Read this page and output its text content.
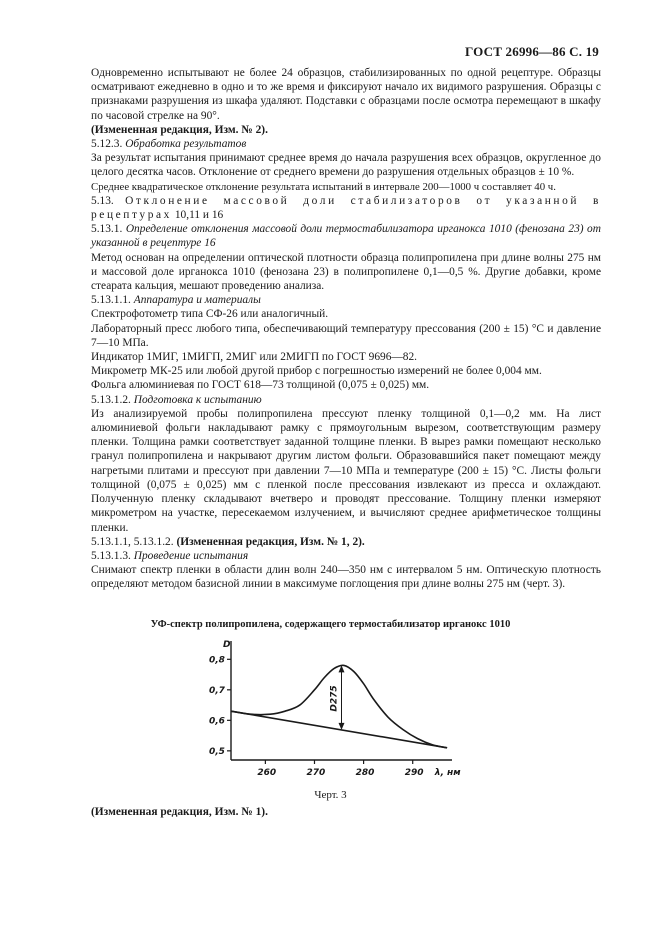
ГОСТ 26996—86 С. 19

Одновременно испытывают не более 24 образцов, стабилизированных по одной рецептуре. Образцы осматривают ежедневно в одно и то же время и фиксируют начало их видимого разрушения. Образцы с признаками разрушения из шкафа удаляют. Подставки с образцами после осмотра перемещают в шкафу по часовой стрелке на 90°.

(Измененная редакция, Изм. № 2).

5.12.3. Обработка результатов

За результат испытания принимают среднее время до начала разрушения всех образцов, округленное до целого десятка часов. Отклонение от среднего времени до разрушения отдельных образцов ± 10 %.

Среднее квадратическое отклонение результата испытаний в интервале 200—1000 ч составляет 40 ч.

5.13. Отклонение массовой доли стабилизаторов от указанной в рецептурах 10,11 и 16

5.13.1. Определение отклонения массовой доли термостабилизатора ирганокса 1010 (фенозана 23) от указанной в рецептуре 16

Метод основан на определении оптической плотности образца полипропилена при длине волны 275 нм и массовой доле ирганокса 1010 (фенозана 23) в полипропилене 0,1—0,5 %. Другие добавки, кроме стеарата кальция, мешают проведению анализа.

5.13.1.1. Аппаратура и материалы

Спектрофотометр типа СФ-26 или аналогичный.

Лабораторный пресс любого типа, обеспечивающий температуру прессования (200 ± 15) °С и давление 7—10 МПа.

Индикатор 1МИГ, 1МИГП, 2МИГ или 2МИГП по ГОСТ 9696—82.

Микрометр МК-25 или любой другой прибор с погрешностью измерений не более 0,004 мм.

Фольга алюминиевая по ГОСТ 618—73 толщиной (0,075 ± 0,025) мм.

5.13.1.2. Подготовка к испытанию

Из анализируемой пробы полипропилена прессуют пленку толщиной 0,1—0,2 мм. На лист алюминиевой фольги накладывают рамку с прямоугольным вырезом, соответствующим размеру пленки. Толщина рамки соответствует заданной толщине пленки. В вырез рамки помещают несколько гранул полипропилена и накрывают другим листом фольги. Образовавшийся пакет помещают между нагретыми плитами и прессуют при давлении 7—10 МПа и температуре (200 ± 15) °С. Листы фольги толщиной (0,075 ± 0,025) мм с пленкой после прессования извлекают из пресса и охлаждают. Полученную пленку складывают вчетверо и проводят прессование. Толщину пленки измеряют микрометром на участке, пересекаемом излучением, и вычисляют среднее арифметическое толщины пленки.

5.13.1.1, 5.13.1.2. (Измененная редакция, Изм. № 1, 2).

5.13.1.3. Проведение испытания

Снимают спектр пленки в области длин волн 240—350 нм с интервалом 5 нм. Оптическую плотность определяют методом базисной линии в максимуме поглощения при длине волны 275 нм (черт. 3).

УФ-спектр полипропилена, содержащего термостабилизатор ирганокс 1010
D
0,8
0,7
0,6
0,5
260	270	280	290 λ, нм
D275
Черт. 3
(Измененная редакция, Изм. № 1).
